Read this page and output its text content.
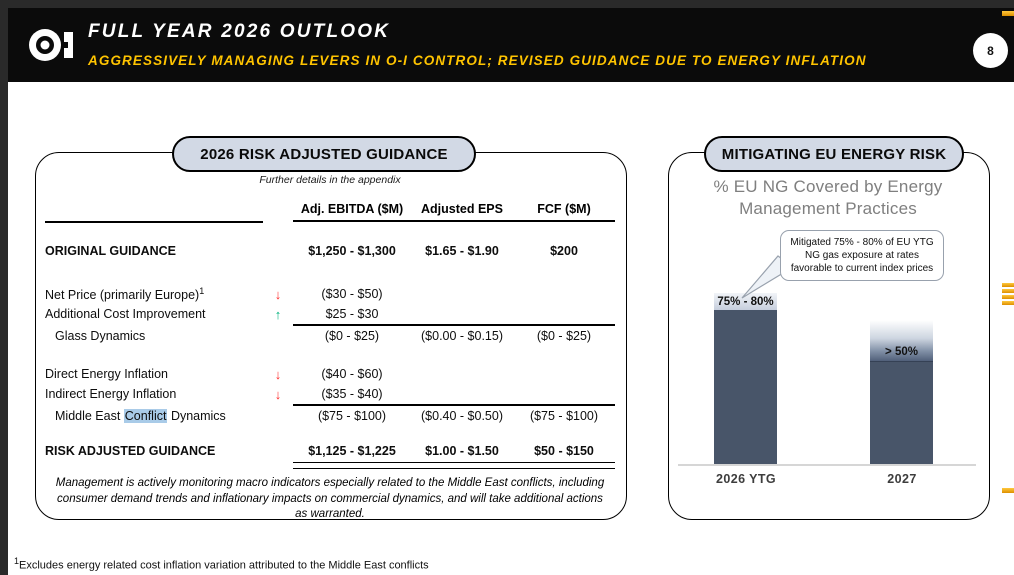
FULL YEAR 2026 OUTLOOK
AGGRESSIVELY MANAGING LEVERS IN O-I CONTROL; REVISED GUIDANCE DUE TO ENERGY INFLATION
8
2026 RISK ADJUSTED GUIDANCE
Further details in the appendix
Adj. EBITDA ($M)	Adjusted EPS	FCF ($M)
ORIGINAL GUIDANCE	$1,250 - $1,300	$1.65 - $1.90	$200
Net Price (primarily Europe)$^1$	↓	($30 - $50)
Additional Cost Improvement	↑	$25 - $30
Glass Dynamics	($0 - $25)	($0.00 - $0.15)	($0 - $25)
Direct Energy Inflation	↓	($40 - $60)
Indirect Energy Inflation	↓	($35 - $40)
Middle East Conflict Dynamics	($75 - $100)	($0.40 - $0.50)	($75 - $100)
RISK ADJUSTED GUIDANCE	$1,125 - $1,225	$1.00 - $1.50	$50 - $150
Management is actively monitoring macro indicators especially related to the Middle East conflicts, including consumer demand trends and inflationary impacts on commercial dynamics, and will take additional actions as warranted.
MITIGATING EU ENERGY RISK
% EU NG Covered by Energy
Management Practices
Mitigated 75% - 80% of EU YTG
NG gas exposure at rates
favorable to current index prices
75% - 80%
> 50%
2026 YTG	2027
$^1$Excludes energy related cost inflation variation attributed to the Middle East conflicts
